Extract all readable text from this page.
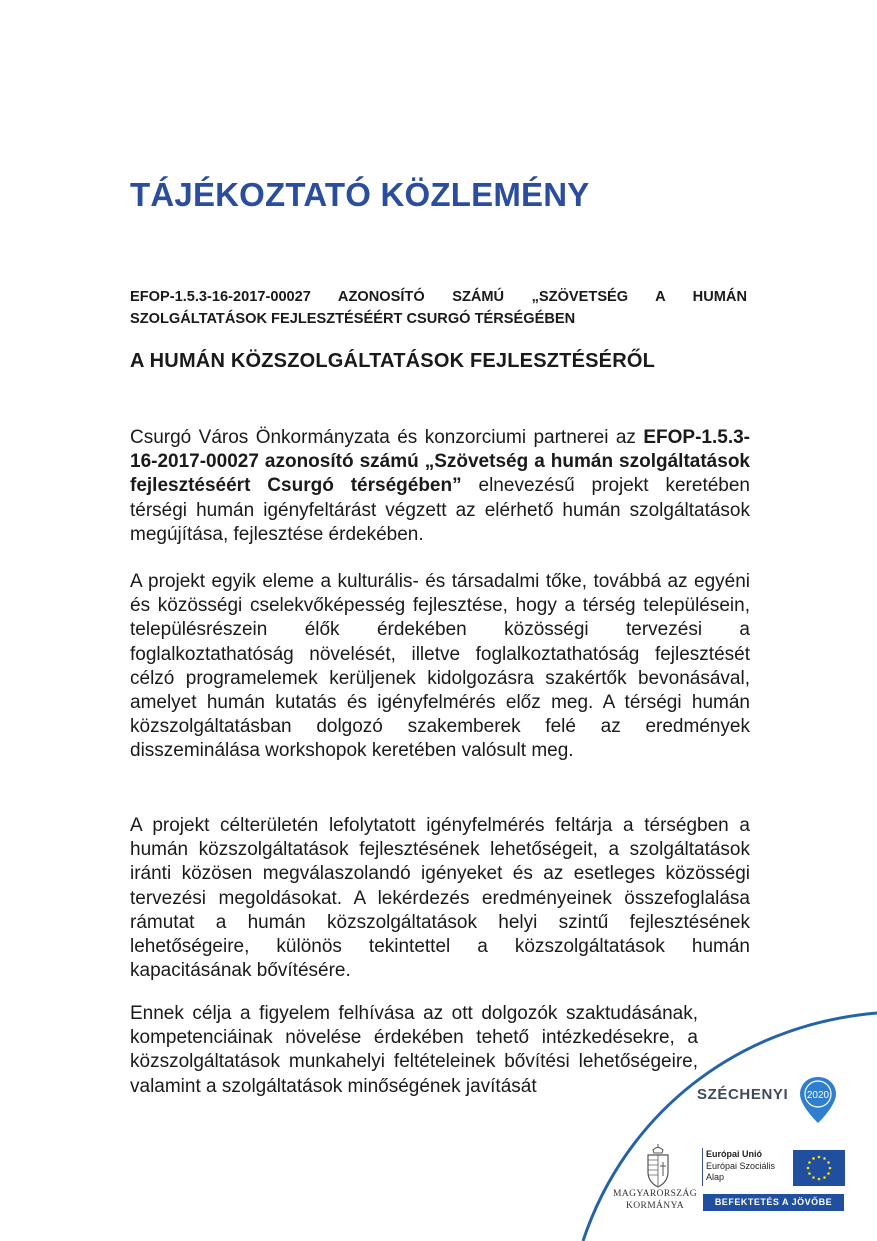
TÁJÉKOZTATÓ KÖZLEMÉNY
EFOP-1.5.3-16-2017-00027 AZONOSÍTÓ SZÁMÚ „SZÖVETSÉG A HUMÁN SZOLGÁLTATÁSOK FEJLESZTÉSÉÉRT CSURGÓ TÉRSÉGÉBEN
A HUMÁN KÖZSZOLGÁLTATÁSOK FEJLESZTÉSÉRŐL
Csurgó Város Önkormányzata és konzorciumi partnerei az EFOP-1.5.3-16-2017-00027 azonosító számú „Szövetség a humán szolgáltatások fejlesztéséért Csurgó térségében” elnevezésű projekt keretében térségi humán igényfeltárást végzett az elérhető humán szolgáltatások megújítása, fejlesztése érdekében.
A projekt egyik eleme a kulturális- és társadalmi tőke, továbbá az egyéni és közösségi cselekvőképesség fejlesztése, hogy a térség településein, településrészein élők érdekében közösségi tervezési a foglalkoztathatóság növelését, illetve foglalkoztathatóság fejlesztését célzó programelemek kerüljenek kidolgozásra szakértők bevonásával, amelyet humán kutatás és igényfelmérés előz meg. A térségi humán közszolgáltatásban dolgozó szakemberek felé az eredmények disszeminálása workshopok keretében valósult meg.
A projekt célterületén lefolytatott igényfelmérés feltárja a térségben a humán közszolgáltatások fejlesztésének lehetőségeit, a szolgáltatások iránti közösen megválaszolandó igényeket és az esetleges közösségi tervezési megoldásokat. A lekérdezés eredményeinek összefoglalása rámutat a humán közszolgáltatások helyi szintű fejlesztésének lehetőségeire, különös tekintettel a közszolgáltatások humán kapacitásának bővítésére.
Ennek célja a figyelem felhívása az ott dolgozók szaktudásának, kompetenciáinak növelése érdekében tehető intézkedésekre, a közszolgáltatások munkahelyi feltételeinek bővítési lehetőségeire, valamint a szolgáltatások minőségének javítását	SZÉCHENYI 2020
MAGYARORSZÁG
KORMÁNYA
Európai Unió
Európai Szociális
Alap
BEFEKTETÉS A JÖVŐBE
